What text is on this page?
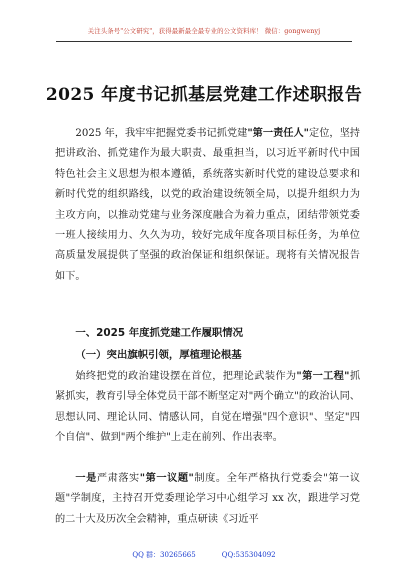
关注头条号"公文研究"，获得最新最全最专业的公文资料库！ 微信：gongwenyj
2025 年度书记抓基层党建工作述职报告

2025 年，我牢牢把握党委书记抓党建"第一责任人"定位，坚持把讲政治、抓党建作为最大职责、最重担当，以习近平新时代中国特色社会主义思想为根本遵循，系统落实新时代党的建设总要求和新时代党的组织路线，以党的政治建设统领全局，以提升组织力为主攻方向，以推动党建与业务深度融合为着力重点，团结带领党委一班人接续用力、久久为功，较好完成年度各项目标任务，为单位高质量发展提供了坚强的政治保证和组织保证。现将有关情况报告如下。

一、2025 年度抓党建工作履职情况
（一）突出旗帜引领，厚植理论根基

始终把党的政治建设摆在首位，把理论武装作为"第一工程"抓紧抓实，教育引导全体党员干部不断坚定对"两个确立"的政治认同、思想认同、理论认同、情感认同，自觉在增强"四个意识"、坚定"四个自信"、做到"两个维护"上走在前列、作出表率。

一是严肃落实"第一议题"制度。全年严格执行党委会"第一议题"学制度，主持召开党委理论学习中心组学习 xx 次，跟进学习党的二十大及历次全会精神，重点研读《习近平

QQ 群：30265665	QQ:535304092
